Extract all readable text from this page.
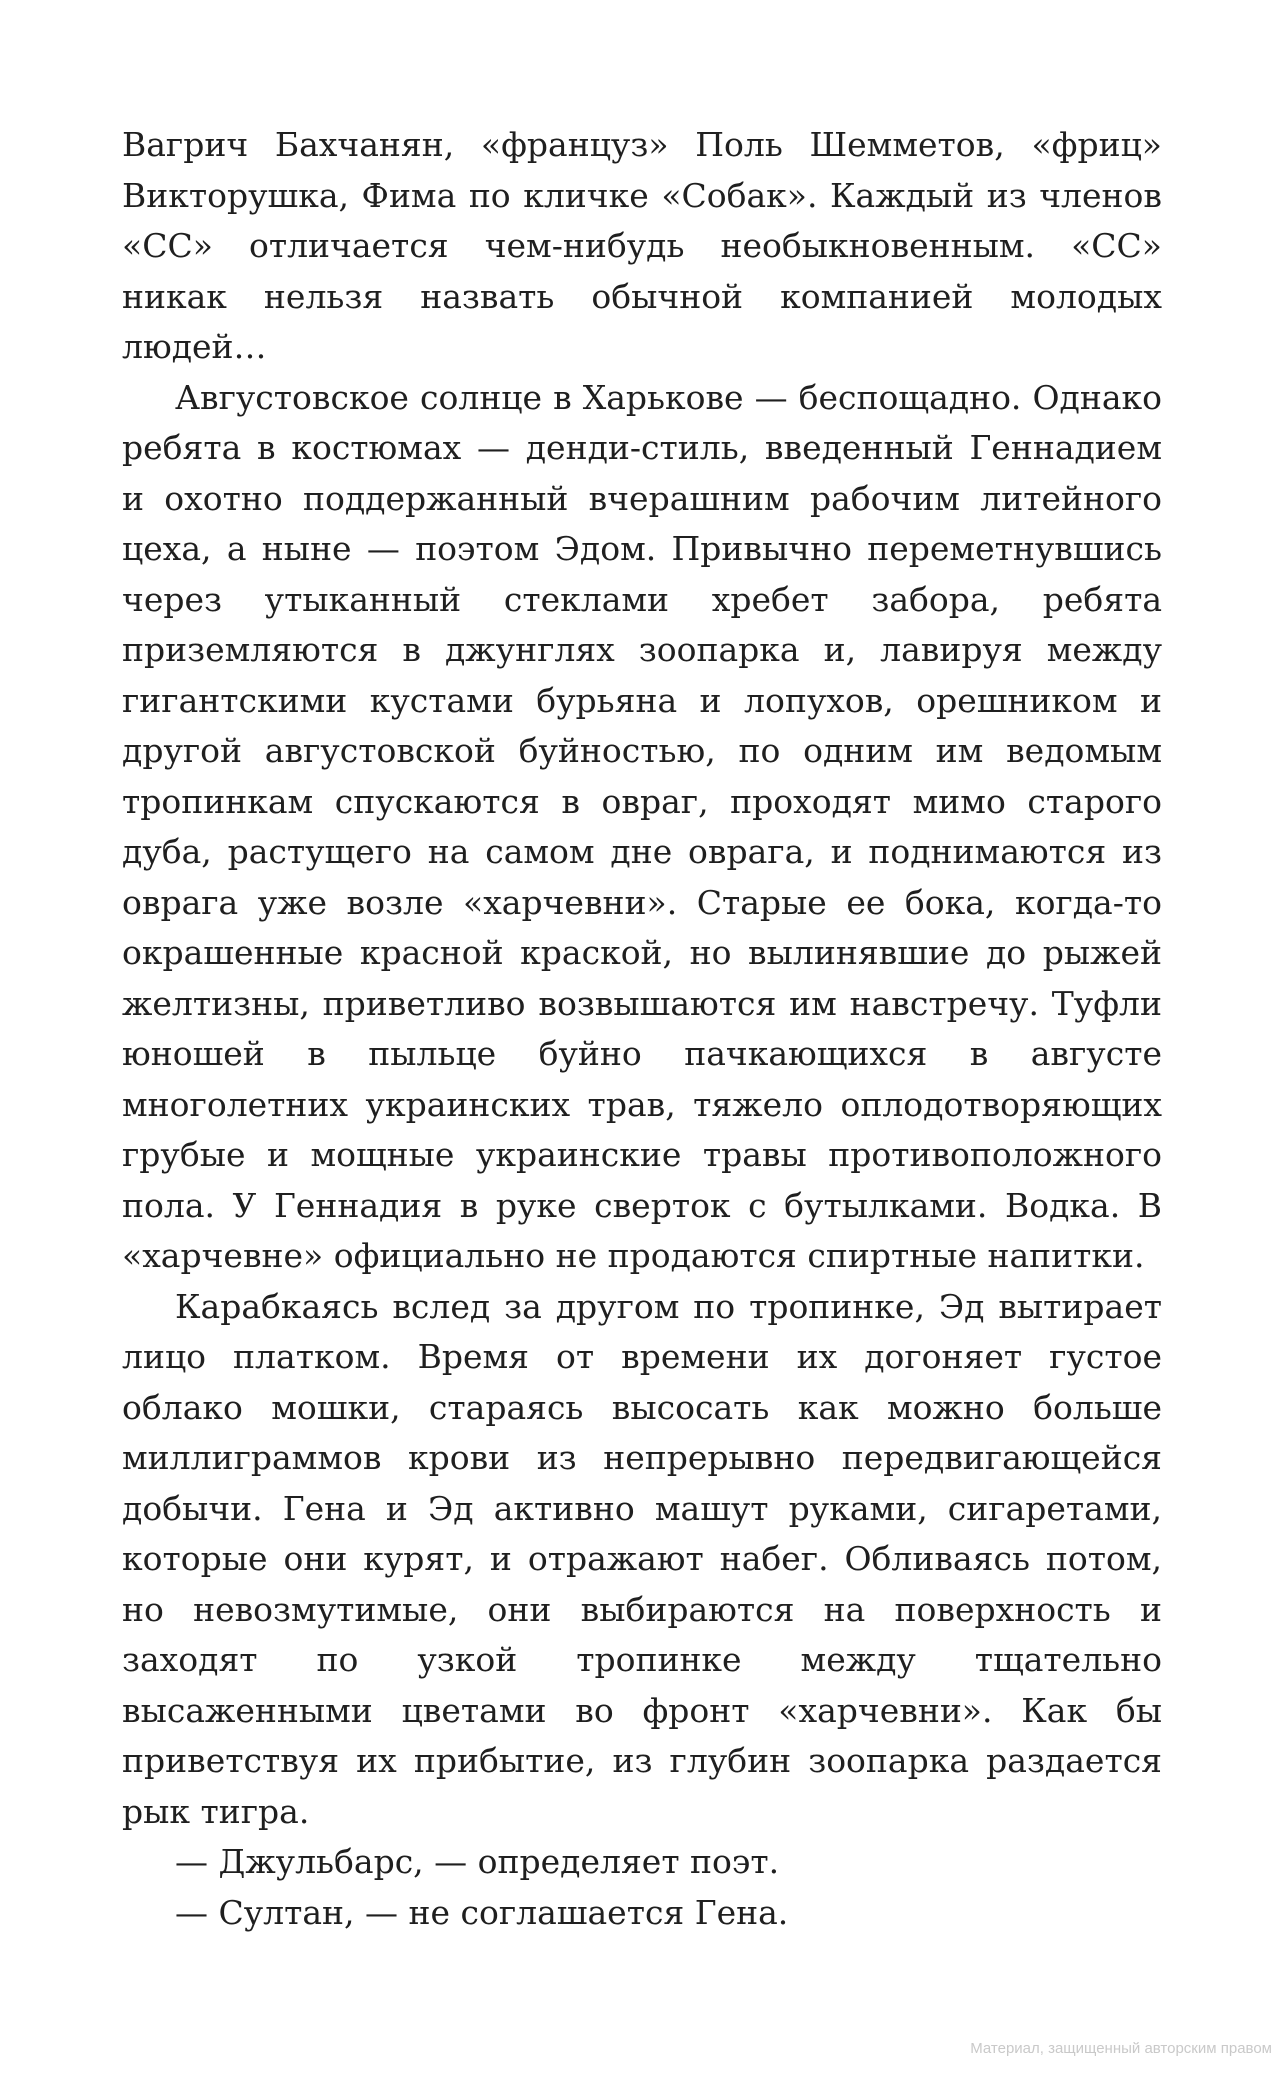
Вагрич Бахчанян, «француз» Поль Шемметов, «фриц» Викторушка, Фима по кличке «Собак». Каждый из членов «СС» отличается чем-нибудь необыкновенным. «СС» никак нельзя назвать обычной компанией молодых людей…

Августовское солнце в Харькове — беспощадно. Однако ребята в костюмах — денди-стиль, введенный Геннадием и охотно поддержанный вчерашним рабочим литейного цеха, а ныне — поэтом Эдом. Привычно переметнувшись через утыканный стеклами хребет забора, ребята приземляются в джунглях зоопарка и, лавируя между гигантскими кустами бурьяна и лопухов, орешником и другой августовской буйностью, по одним им ведомым тропинкам спускаются в овраг, проходят мимо старого дуба, растущего на самом дне оврага, и поднимаются из оврага уже возле «харчевни». Старые ее бока, когда-то окрашенные красной краской, но вылинявшие до рыжей желтизны, приветливо возвышаются им навстречу. Туфли юношей в пыльце буйно пачкающихся в августе многолетних украинских трав, тяжело оплодотворяющих грубые и мощные украинские травы противоположного пола. У Геннадия в руке сверток с бутылками. Водка. В «харчевне» официально не продаются спиртные напитки.

Карабкаясь вслед за другом по тропинке, Эд вытирает лицо платком. Время от времени их догоняет густое облако мошки, стараясь высосать как можно больше миллиграммов крови из непрерывно передвигающейся добычи. Гена и Эд активно машут руками, сигаретами, которые они курят, и отражают набег. Обливаясь потом, но невозмутимые, они выбираются на поверхность и заходят по узкой тропинке между тщательно высаженными цветами во фронт «харчевни». Как бы приветствуя их прибытие, из глубин зоопарка раздается рык тигра.

— Джульбарс, — определяет поэт.

— Султан, — не соглашается Гена.

Материал, защищенный авторским правом
